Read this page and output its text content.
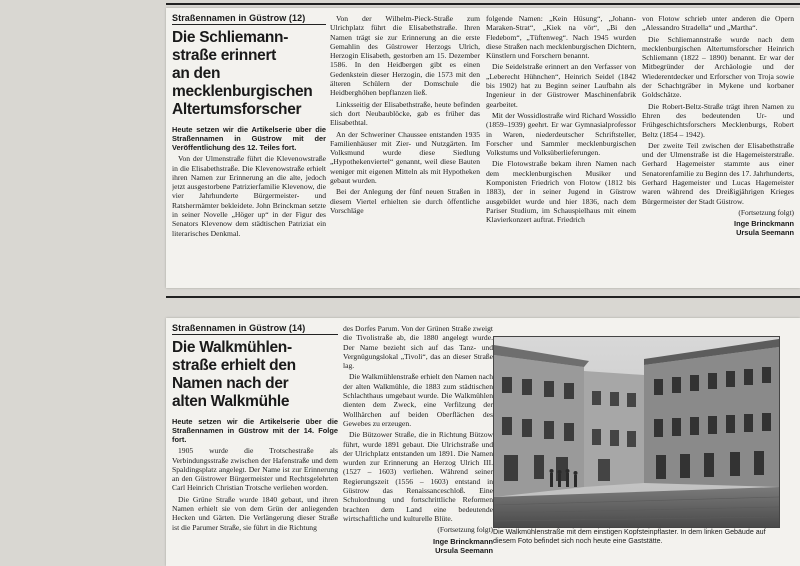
Straßennamen in Güstrow (12)
Die Schliemann-
straße erinnert
an den
mecklenburgischen
Altertumsforscher

Heute setzen wir die Artikelserie über die Straßennamen in Güstrow mit der Veröffentlichung des 12. Teiles fort.

Von der Ulmenstraße führt die Klevenowstraße in die Elisabethstraße. Die Klevenowstraße erhielt ihren Namen zur Erinnerung an die alte, jedoch jetzt ausgestorbene Patrizierfamilie Klevenow, die vier Jahrhunderte Bürgermeister- und Ratsherrnämter bekleidete. John Brinckman setzte in seiner Novelle „Höger up“ in der Figur des Senators Klevenow dem städtischen Patriziat ein literarisches Denkmal.

Von der Wilhelm-Pieck-Straße zum Ulrichplatz führt die Elisabethstraße. Ihren Namen trägt sie zur Erinnerung an die erste Gemahlin des Güstrower Herzogs Ulrich, Herzogin Elisabeth, gestorben am 15. Dezember 1586. In den Heidbergen gibt es einen Gedenkstein dieser Herzogin, die 1573 mit den älteren Schülern der Domschule die Heidberghöhen bepflanzen ließ.

Linksseitig der Elisabethstraße, heute befinden sich dort Neubaublöcke, gab es früher das Elisabethtal.

An der Schweriner Chaussee entstanden 1935 Familienhäuser mit Zier- und Nutzgärten. Im Volksmund wurde diese Siedlung „Hypothekenviertel“ genannt, weil diese Bauten weniger mit eigenen Mitteln als mit Hypotheken gebaut wurden.

Bei der Anlegung der fünf neuen Straßen in diesem Viertel erhielten sie durch öffentliche Vorschläge

folgende Namen: „Kein Hüsung“, „Johann-Maraken-Strat“, „Kiek na vör“, „Bi den Fledebom“, „Tüftenweg“. Nach 1945 wurden diese Straßen nach mecklenburgischen Dichtern, Künstlern und Forschern benannt.

Die Seidelstraße erinnert an den Verfasser von „Leberecht Hühnchen“, Heinrich Seidel (1842 bis 1902) hat zu Beginn seiner Laufbahn als Ingenieur in der Güstrower Maschinenfabrik gearbeitet.

Mit der Wossidlostraße wird Richard Wossidlo (1859–1939) geehrt. Er war Gymnasialprofessor in Waren, niederdeutscher Schriftsteller, Forscher und Sammler mecklenburgischen Volkstums und Volksüberlieferungen.

Die Flotowstraße bekam ihren Namen nach dem mecklenburgischen Musiker und Komponisten Friedrich von Flotow (1812 bis 1883), der in seiner Jugend in Güstrow ausgebildet wurde und hier 1836, nach dem Pariser Studium, im Schauspielhaus mit einem Klavierkonzert auftrat. Friedrich

von Flotow schrieb unter anderen die Opern „Alessandro Stradella“ und „Martha“.

Die Schliemannstraße wurde nach dem mecklenburgischen Altertumsforscher Heinrich Schliemann (1822 – 1890) benannt. Er war der Mitbegründer der Archäologie und der Wiederentdecker und Erforscher von Troja sowie der Schachtgräber in Mykene und korbaner Goldschätze.

Die Robert-Beltz-Straße trägt ihren Namen zu Ehren des bedeutenden Ur- und Frühgeschichtsforschers Mecklenburgs, Robert Beltz (1854 – 1942).

Der zweite Teil zwischen der Elisabethstraße und der Ulmenstraße ist die Hagemeisterstraße. Gerhard Hagemeister stammte aus einer Senatorenfamilie zu Beginn des 17. Jahrhunderts, Gerhard Hagemeister und Lucas Hagemeister waren während des Dreißigjährigen Krieges Bürgermeister der Stadt Güstrow.

(Fortsetzung folgt)
Inge Brinckmann
Ursula Seemann
Straßennamen in Güstrow (14)
Die Walkmühlen-
straße erhielt den
Namen nach der
alten Walkmühle

Heute setzen wir die Artikelserie über die Straßennamen in Güstrow mit der 14. Folge fort.

1905 wurde die Trotschestraße als Verbindungsstraße zwischen der Hafenstraße und dem Spaldingsplatz angelegt. Der Name ist zur Erinnerung an den Güstrower Bürgermeister und Rechtsgelehrten Carl Heinrich Christian Trotsche verliehen worden.

Die Grüne Straße wurde 1840 gebaut, und ihren Namen erhielt sie von dem Grün der anliegenden Hecken und Gärten. Die Verlängerung dieser Straße ist die Parumer Straße, sie führt in die Richtung

des Dorfes Parum. Von der Grünen Straße zweigt die Tivolistraße ab, die 1880 angelegt wurde. Der Name bezieht sich auf das Tanz- und Vergnügungslokal „Tivoli“, das an dieser Straße lag.

Die Walkmühlenstraße erhielt den Namen nach der alten Walkmühle, die 1883 zum städtischen Schlachthaus umgebaut wurde. Die Walkmühlen dienten dem Zweck, eine Verfilzung der Wollhärchen auf beiden Oberflächen des Gewebes zu erzeugen.

Die Bützower Straße, die in Richtung Bützow führt, wurde 1891 gebaut. Die Ulrichstraße und der Ulrichplatz entstanden um 1891. Die Namen wurden zur Erinnerung an Herzog Ulrich III. (1527 – 1603) verliehen. Während seiner Regierungszeit (1556 – 1603) entstand in Güstrow das Renaissanceschloß. Eine Schulordnung und fortschrittliche Reformen brachten dem Land eine bedeutende wirtschaftliche und kulturelle Blüte.

(Fortsetzung folgt)
Inge Brinckmann
Ursula Seemann
Die Walkmühlenstraße mit dem einstigen Kopfsteinpflaster. In dem linken Gebäude auf diesem Foto befindet sich noch heute eine Gaststätte.
